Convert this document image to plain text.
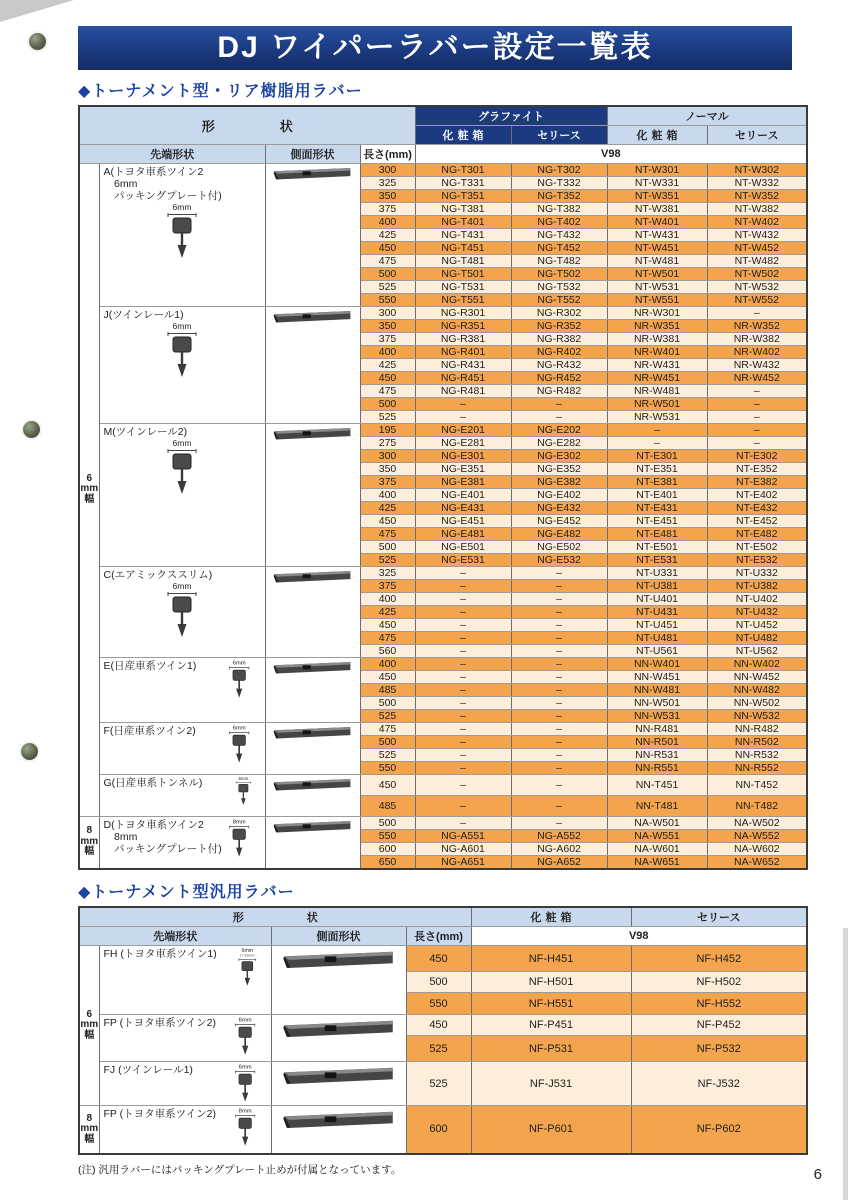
DJ ワイパーラバー設定一覧表
◆トーナメント型・リア樹脂用ラバー
形　状				グラファイト		ノーマル	
				化粧箱	セリース	化粧箱	セリース
先端形状		側面形状	長さ(mm)	V98			

6
mm
幅

A(トヨタ車系ツイン2
　6mm
　パッキングプレート付)
6mm

	300	NG-T301	NG-T302	NT-W301	NT-W302
			325	NG-T331	NG-T332	NT-W331	NT-W332
			350	NG-T351	NG-T352	NT-W351	NT-W352
			375	NG-T381	NG-T382	NT-W381	NT-W382
			400	NG-T401	NG-T402	NT-W401	NT-W402
			425	NG-T431	NG-T432	NT-W431	NT-W432
			450	NG-T451	NG-T452	NT-W451	NT-W452
			475	NG-T481	NG-T482	NT-W481	NT-W482
			500	NG-T501	NG-T502	NT-W501	NT-W502
			525	NG-T531	NG-T532	NT-W531	NT-W532
			550	NG-T551	NG-T552	NT-W551	NT-W552

	J(ツインレール1)
6mm		300	NG-R301	NG-R302	NR-W301	–
			350	NG-R351	NG-R352	NR-W351	NR-W352
			375	NG-R381	NG-R382	NR-W381	NR-W382
			400	NG-R401	NG-R402	NR-W401	NR-W402
			425	NG-R431	NG-R432	NR-W431	NR-W432
			450	NG-R451	NG-R452	NR-W451	NR-W452
			475	NG-R481	NG-R482	NR-W481	–
			500	–	–	NR-W501	–
			525	–	–	NR-W531	–

	M(ツインレール2)
6mm		195	NG-E201	NG-E202	–	–
			275	NG-E281	NG-E282	–	–
			300	NG-E301	NG-E302	NT-E301	NT-E302
			350	NG-E351	NG-E352	NT-E351	NT-E352
			375	NG-E381	NG-E382	NT-E381	NT-E382
			400	NG-E401	NG-E402	NT-E401	NT-E402
			425	NG-E431	NG-E432	NT-E431	NT-E432
			450	NG-E451	NG-E452	NT-E451	NT-E452
			475	NG-E481	NG-E482	NT-E481	NT-E482
			500	NG-E501	NG-E502	NT-E501	NT-E502
			525	NG-E531	NG-E532	NT-E531	NT-E532

	C(エアミックススリム)
6mm		325	–	–	NT-U331	NT-U332
			375	–	–	NT-U381	NT-U382
			400	–	–	NT-U401	NT-U402
			425	–	–	NT-U431	NT-U432
			450	–	–	NT-U451	NT-U452
			475	–	–	NT-U481	NT-U482
			560	–	–	NT-U561	NT-U562

	E(日産車系ツイン1) 6mm		400	–	–	NN-W401	NN-W402
			450	–	–	NN-W451	NN-W452
			485	–	–	NN-W481	NN-W482
			500	–	–	NN-W501	NN-W502
			525	–	–	NN-W531	NN-W532

	F(日産車系ツイン2) 6mm		475	–	–	NN-R481	NN-R482
			500	–	–	NN-R501	NN-R502
			525	–	–	NN-R531	NN-R532
			550	–	–	NN-R551	NN-R552

	G(日産車系トンネル) 6mm		450	–	–	NN-T451	NN-T452
			485	–	–	NN-T481	NN-T482

8
mm
幅

D(トヨタ車系ツイン2
　8mm
　パッキングプレート付)
8mm		500	–	–	NA-W501	NA-W502
			550	NG-A551	NG-A552	NA-W551	NA-W552
			600	NG-A601	NG-A602	NA-W601	NA-W602
			650	NG-A651	NG-A652	NA-W651	NA-W652
◆トーナメント型汎用ラバー
形　状				化粧箱	セリース
先端形状		側面形状	長さ(mm)	V98	

6
mm
幅

FH (トヨタ車系ツイン1)	6mm
(7.6mm)		450	NF-H451	NF-H452
			500	NF-H501	NF-H502
			550	NF-H551	NF-H552

	FP (トヨタ車系ツイン2) 6mm		450	NF-P451	NF-P452
			525	NF-P531	NF-P532

	FJ (ツインレール1) 6mm		525	NF-J531	NF-J532

8
mm
幅

FP (トヨタ車系ツイン2)	8mm

	600	NF-P601	NF-P602
(注) 汎用ラバーにはパッキングプレート止めが付属となっています。	6
